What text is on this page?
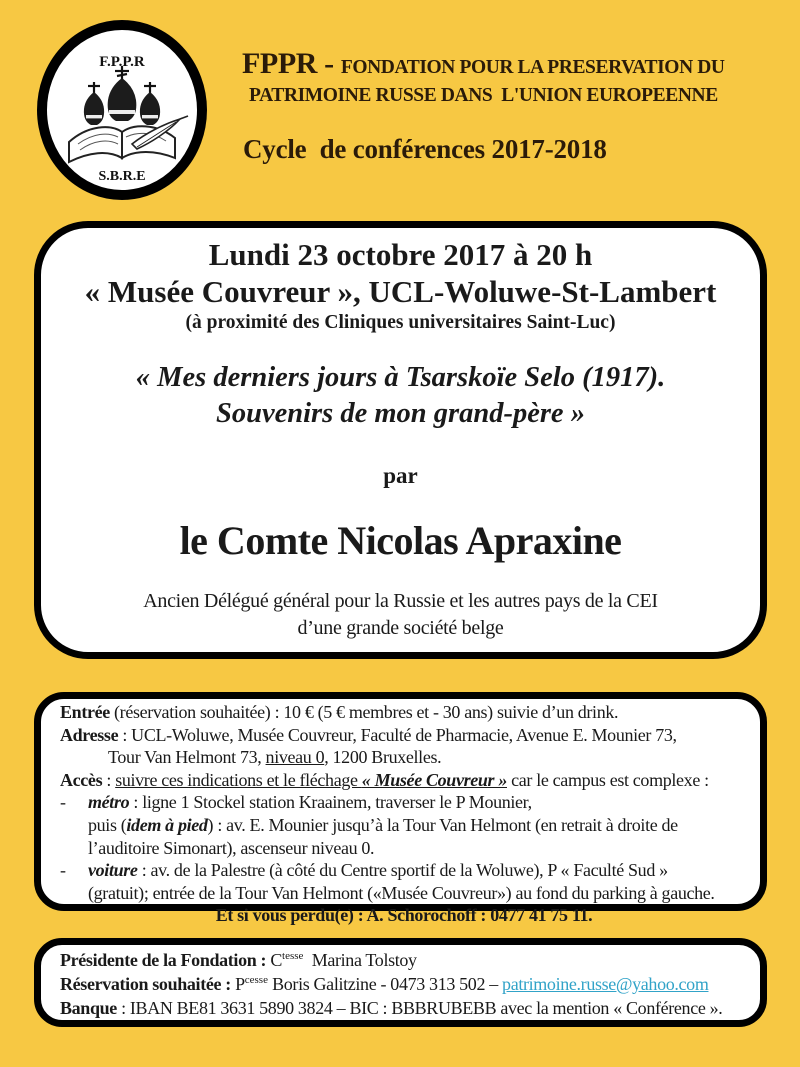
F.P.P.R
S.B.R.E
FPPR - FONDATION POUR LA PRESERVATION DU
PATRIMOINE RUSSE DANS  L'UNION EUROPEENNE
Cycle  de conférences 2017-2018
Lundi 23 octobre 2017 à 20 h
« Musée Couvreur », UCL-Woluwe-St-Lambert
(à proximité des Cliniques universitaires Saint-Luc)
« Mes derniers jours à Tsarskoïe Selo (1917).
Souvenirs de mon grand-père »
par
le Comte Nicolas Apraxine
Ancien Délégué général pour la Russie et les autres pays de la CEI
d’une grande société belge
Entrée (réservation souhaitée) : 10 € (5 € membres et - 30 ans) suivie d’un drink.
Adresse : UCL-Woluwe, Musée Couvreur, Faculté de Pharmacie, Avenue E. Mounier 73,
Tour Van Helmont 73, niveau 0, 1200 Bruxelles.
Accès : suivre ces indications et le fléchage « Musée Couvreur » car le campus est complexe :
-	métro : ligne 1 Stockel station Kraainem, traverser le P Mounier,
puis (idem à pied) : av. E. Mounier jusqu’à la Tour Van Helmont (en retrait à droite de
l’auditoire Simonart), ascenseur niveau 0.
-	voiture : av. de la Palestre (à côté du Centre sportif de la Woluwe), P « Faculté Sud »
(gratuit); entrée de la Tour Van Helmont («Musée Couvreur») au fond du parking à gauche.
Et si vous perdu(e) : A. Schorochoff : 0477 41 75 11.
Présidente de la Fondation : $C^{tesse}$  Marina Tolstoy
Réservation souhaitée : $P^{cesse}$ Boris Galitzine - 0473 313 502 – patrimoine.russe@yahoo.com
Banque : IBAN BE81 3631 5890 3824 – BIC : BBBRUBEBB avec la mention « Conférence ».
